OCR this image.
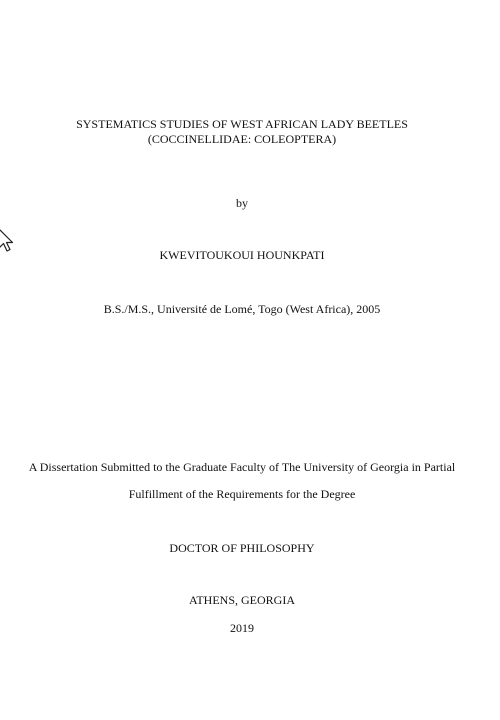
SYSTEMATICS STUDIES OF WEST AFRICAN LADY BEETLES (COCCINELLIDAE: COLEOPTERA)
by
KWEVITOUKOUI HOUNKPATI
B.S./M.S., Université de Lomé, Togo (West Africa), 2005
A Dissertation Submitted to the Graduate Faculty of The University of Georgia in Partial
Fulfillment of the Requirements for the Degree
DOCTOR OF PHILOSOPHY
ATHENS, GEORGIA
2019
